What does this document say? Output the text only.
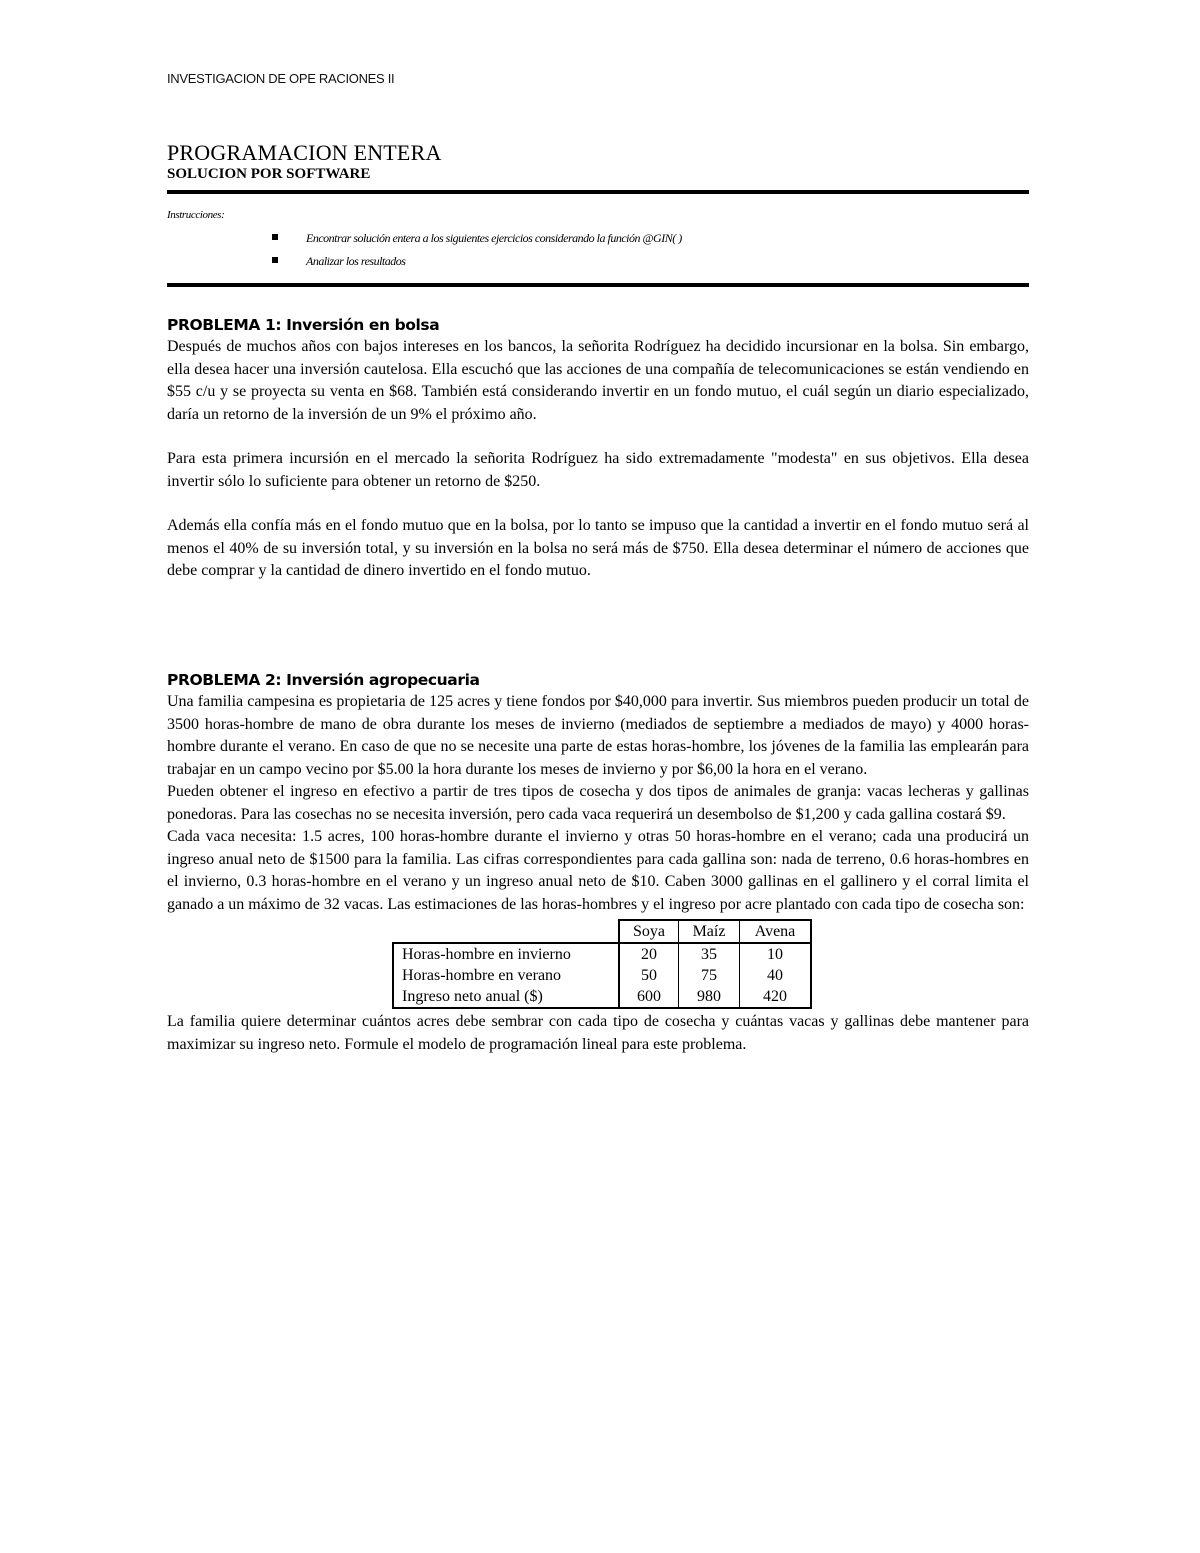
INVESTIGACION DE OPE RACIONES II
PROGRAMACION ENTERA
SOLUCION POR SOFTWARE
Instrucciones:
Encontrar solución entera a los siguientes ejercicios considerando la función @GIN( )
Analizar los resultados
PROBLEMA 1: Inversión en bolsa

Después de muchos años con bajos intereses en los bancos, la señorita Rodríguez ha decidido incursionar en la bolsa. Sin embargo, ella desea hacer una inversión cautelosa. Ella escuchó que las acciones de una compañía de telecomunicaciones se están vendiendo en $55 c/u y se proyecta su venta en $68. También está considerando invertir en un fondo mutuo, el cuál según un diario especializado, daría un retorno de la inversión de un 9% el próximo año.

Para esta primera incursión en el mercado la señorita Rodríguez ha sido extremadamente "modesta" en sus objetivos. Ella desea invertir sólo lo suficiente para obtener un retorno de $250.

Además ella confía más en el fondo mutuo que en la bolsa, por lo tanto se impuso que la cantidad a invertir en el fondo mutuo será al menos el 40% de su inversión total, y su inversión en la bolsa no será más de $750. Ella desea determinar el número de acciones que debe comprar y la cantidad de dinero invertido en el fondo mutuo.

PROBLEMA 2: Inversión agropecuaria

Una familia campesina es propietaria de 125 acres y tiene fondos por $40,000 para invertir. Sus miembros pueden producir un total de 3500 horas-hombre de mano de obra durante los meses de invierno (mediados de septiembre a mediados de mayo) y 4000 horas-hombre durante el verano. En caso de que no se necesite una parte de estas horas-hombre, los jóvenes de la familia las emplearán para trabajar en un campo vecino por $5.00 la hora durante los meses de invierno y por $6,00 la hora en el verano.

Pueden obtener el ingreso en efectivo a partir de tres tipos de cosecha y dos tipos de animales de granja: vacas lecheras y gallinas ponedoras. Para las cosechas no se necesita inversión, pero cada vaca requerirá un desembolso de $1,200 y cada gallina costará $9.

Cada vaca necesita: 1.5 acres, 100 horas-hombre durante el invierno y otras 50 horas-hombre en el verano; cada una producirá un ingreso anual neto de $1500 para la familia. Las cifras correspondientes para cada gallina son: nada de terreno, 0.6 horas-hombres en el invierno, 0.3 horas-hombre en el verano y un ingreso anual neto de $10. Caben 3000 gallinas en el gallinero y el corral limita el ganado a un máximo de 32 vacas. Las estimaciones de las horas-hombres y el ingreso por acre plantado con cada tipo de cosecha son:

	Soya	Maíz	Avena
Horas-hombre en invierno	20	35	10
Horas-hombre en verano	50	75	40
Ingreso neto anual ($)	600	980	420

La familia quiere determinar cuántos acres debe sembrar con cada tipo de cosecha y cuántas vacas y gallinas debe mantener para maximizar su ingreso neto. Formule el modelo de programación lineal para este problema.
